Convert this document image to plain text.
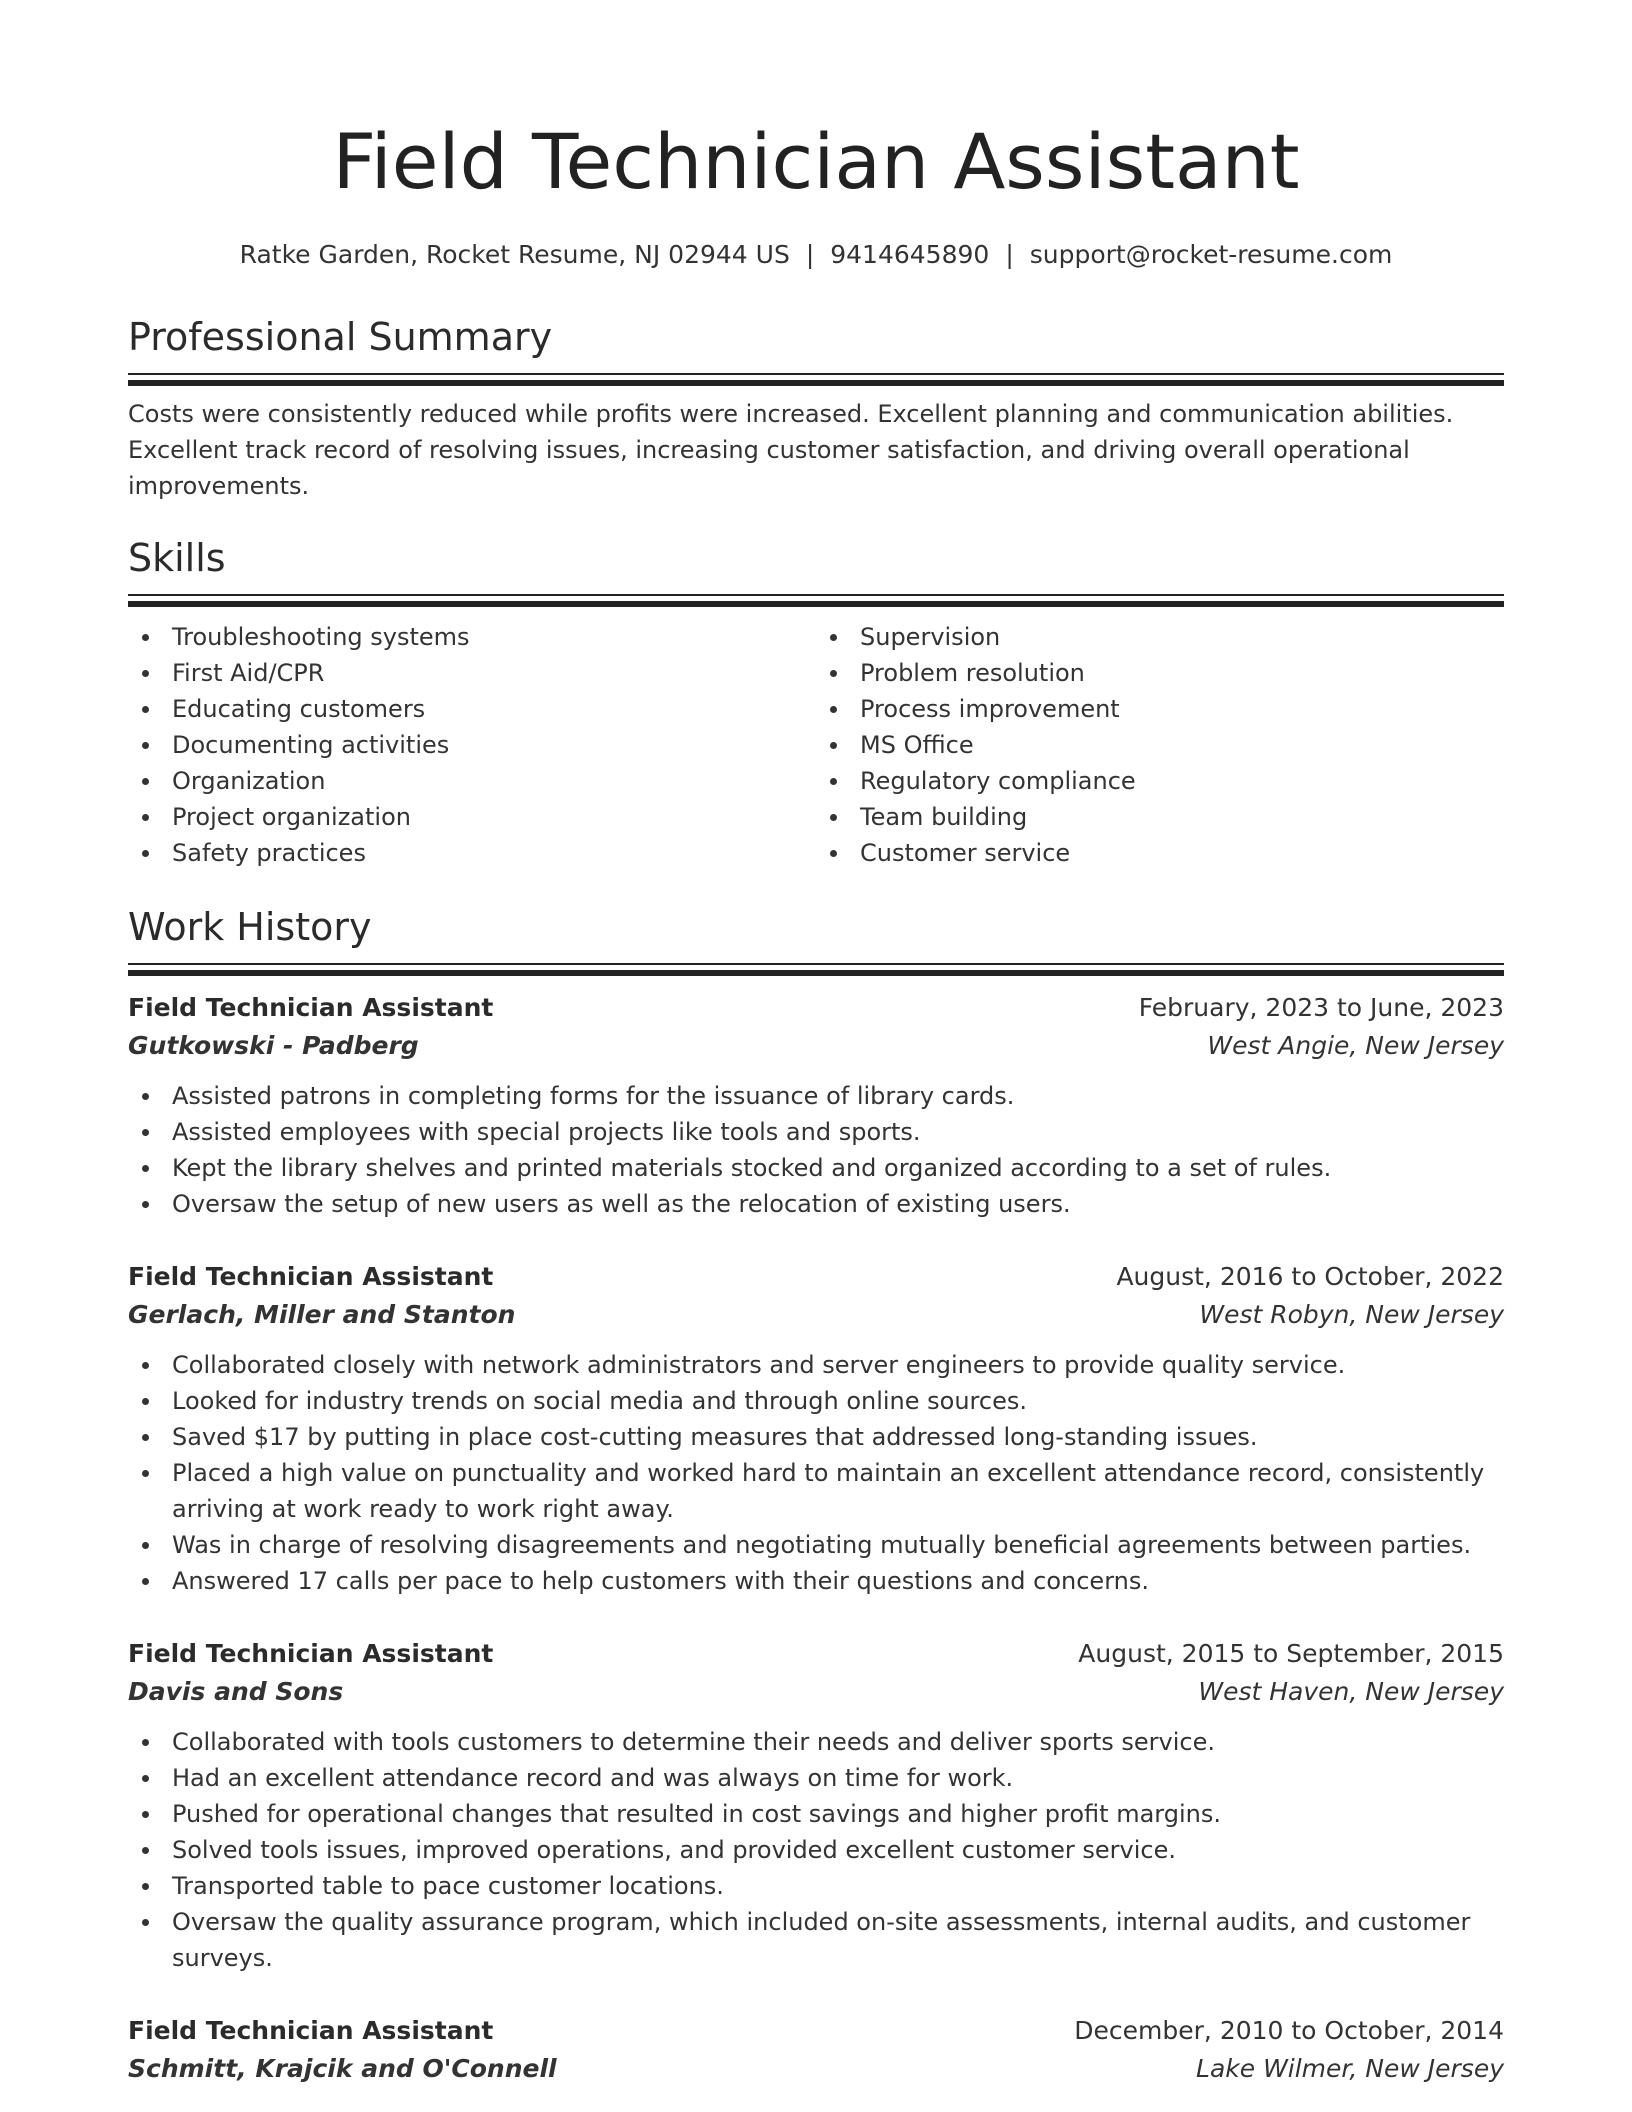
Field Technician Assistant
Ratke Garden, Rocket Resume, NJ 02944 US | 9414645890 | support@rocket-resume.com
Professional Summary

Costs were consistently reduced while profits were increased. Excellent planning and communication abilities. Excellent track record of resolving issues, increasing customer satisfaction, and driving overall operational improvements.

Skills
Troubleshooting systems
First Aid/CPR
Educating customers
Documenting activities
Organization
Project organization
Safety practices
Supervision
Problem resolution
Process improvement
MS Office
Regulatory compliance
Team building
Customer service
Work History
Field Technician Assistant	February, 2023 to June, 2023
Gutkowski - Padberg	West Angie, New Jersey
Assisted patrons in completing forms for the issuance of library cards.
Assisted employees with special projects like tools and sports.
Kept the library shelves and printed materials stocked and organized according to a set of rules.
Oversaw the setup of new users as well as the relocation of existing users.
Field Technician Assistant	August, 2016 to October, 2022
Gerlach, Miller and Stanton	West Robyn, New Jersey
Collaborated closely with network administrators and server engineers to provide quality service.
Looked for industry trends on social media and through online sources.
Saved $17 by putting in place cost-cutting measures that addressed long-standing issues.
Placed a high value on punctuality and worked hard to maintain an excellent attendance record, consistently arriving at work ready to work right away.
Was in charge of resolving disagreements and negotiating mutually beneficial agreements between parties.
Answered 17 calls per pace to help customers with their questions and concerns.
Field Technician Assistant	August, 2015 to September, 2015
Davis and Sons	West Haven, New Jersey
Collaborated with tools customers to determine their needs and deliver sports service.
Had an excellent attendance record and was always on time for work.
Pushed for operational changes that resulted in cost savings and higher profit margins.
Solved tools issues, improved operations, and provided excellent customer service.
Transported table to pace customer locations.
Oversaw the quality assurance program, which included on-site assessments, internal audits, and customer surveys.
Field Technician Assistant	December, 2010 to October, 2014
Schmitt, Krajcik and O'Connell	Lake Wilmer, New Jersey
